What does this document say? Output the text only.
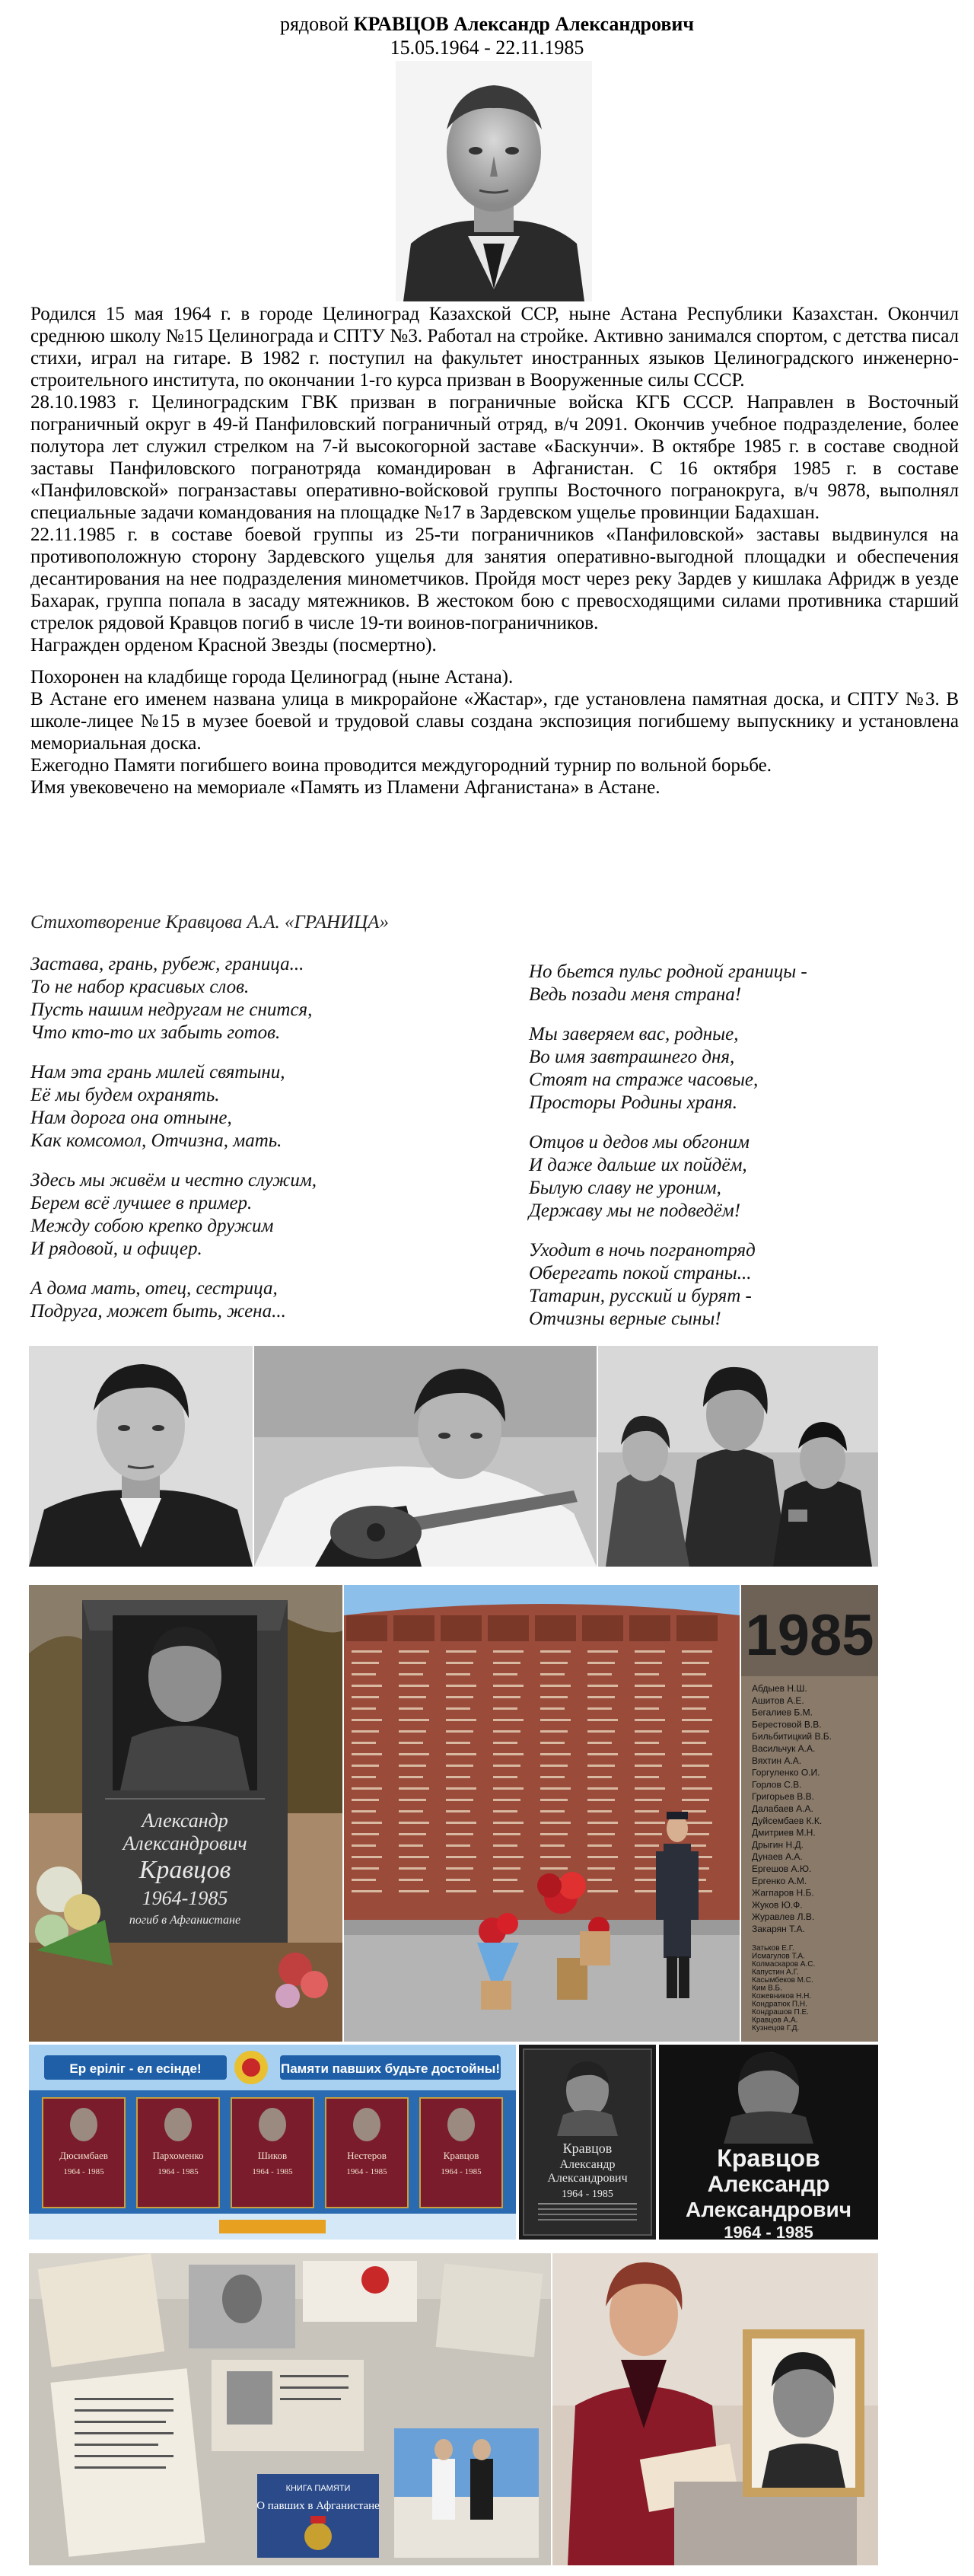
рядовой КРАВЦОВ Александр Александрович
15.05.1964 - 22.11.1985

Родился 15 мая 1964 г. в городе Целиноград Казахской ССР, ныне Астана Республики Казахстан. Окончил среднюю школу №15 Целинограда и СПТУ №3. Работал на стройке. Активно занимался спортом, с детства писал стихи, играл на гитаре. В 1982 г. поступил на факультет иностранных языков Целиноградского инженерно-строительного института, по окончании 1-го курса призван в Вооруженные силы СССР.

28.10.1983 г. Целиноградским ГВК призван в пограничные войска КГБ СССР. Направлен в Восточный пограничный округ в 49-й Панфиловский пограничный отряд, в/ч 2091. Окончив учебное подразделение, более полутора лет служил стрелком на 7-й высокогорной заставе «Баскунчи». В октябре 1985 г. в составе сводной заставы Панфиловского погранотряда командирован в Афганистан. С 16 октября 1985 г. в составе «Панфиловской» погранзаставы оперативно-войсковой группы Восточного погранокруга, в/ч 9878, выполнял специальные задачи командования на площадке №17 в Зардевском ущелье провинции Бадахшан.

22.11.1985 г. в составе боевой группы из 25-ти пограничников «Панфиловской» заставы выдвинулся на противоположную сторону Зардевского ущелья для занятия оперативно-выгодной площадки и обеспечения десантирования на нее подразделения минометчиков. Пройдя мост через реку Зардев у кишлака Афридж в уезде Бахарак, группа попала в засаду мятежников. В жестоком бою с превосходящими силами противника старший стрелок рядовой Кравцов погиб в числе 19-ти воинов-пограничников.

Награжден орденом Красной Звезды (посмертно).

Похоронен на кладбище города Целиноград (ныне Астана).

В Астане его именем названа улица в микрорайоне «Жастар», где установлена памятная доска, и СПТУ №3. В школе-лицее №15 в музее боевой и трудовой славы создана экспозиция погибшему выпускнику и установлена мемориальная доска.

Ежегодно Памяти погибшего воина проводится междугородний турнир по вольной борьбе.

Имя увековечено на мемориале «Память из Пламени Афганистана» в Астане.

Стихотворение Кравцова А.А. «ГРАНИЦА»
Застава, грань, рубеж, граница...
То не набор красивых слов.
Пусть нашим недругам не снится,
Что кто-то их забыть готов.
Нам эта грань милей святыни,
Её мы будем охранять.
Нам дорога она отныне,
Как комсомол, Отчизна, мать.
Здесь мы живём и честно служим,
Берем всё лучшее в пример.
Между собою крепко дружим
И рядовой, и офицер.
А дома мать, отец, сестрица,
Подруга, может быть, жена...
Но бьется пульс родной границы -
Ведь позади меня страна!
Мы заверяем вас, родные,
Во имя завтрашнего дня,
Стоят на страже часовые,
Просторы Родины храня.
Отцов и дедов мы обгоним
И даже дальше их пойдём,
Былую славу не уроним,
Державу мы не подведём!
Уходит в ночь погранотряд
Оберегать покой страны...
Татарин, русский и бурят -
Отчизны верные сыны!
Александр
Александрович
Кравцов
1964-1985
погиб в Афганистане
1985
Абдыев Н.Ш.
Ашитов А.Е.
Бегалиев Б.М.
Берестовой В.В.
Бильбитицкий В.Б.
Васильчук А.А.
Вяхтин А.А.
Горгуленко О.И.
Горлов С.В.
Григорьев В.В.
Далабаев А.А.
Дуйсембаев К.К.
Дмитриев М.Н.
Дрыгин Н.Д.
Дунаев А.А.
Ергешов А.Ю.
Ергенко А.М.
Жагпаров Н.Б.
Жуков Ю.Ф.
Журавлев Л.В.
Закарян Т.А.
Затьков Е.Г.
Исмагулов Т.А.
Колмаскаров А.С.
Капустин А.Г.
Касымбеков М.С.
Ким В.Б.
Кожевников Н.Н.
Кондратюк П.Н.
Кондрашов П.Е.
Кравцов А.А.
Кузнецов Г.Д.
Ер еріліг - ел есінде!	Памяти павших будьте достойны!
Дюсимбаев
1964 - 1985
Пархоменко
1964 - 1985
Шиков
1964 - 1985
Нестеров
1964 - 1985
Кравцов
1964 - 1985
Кравцов
Александр
Александрович
1964 - 1985
Кравцов
Александр
Александрович
1964 - 1985
КНИГА ПАМЯТИ
О павших в Афганистане
